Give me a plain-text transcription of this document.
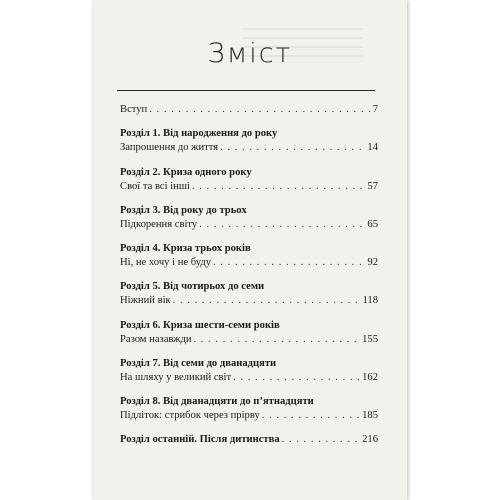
Зміст
Вступ . . .	7
Розділ 1. Від народження до року
Запрошення до життя . . .	14
Розділ 2. Криза одного року
Свої та всі інші . . .	57
Розділ 3. Від року до трьох
Підкорення світу . . .	65
Розділ 4. Криза трьох років
Ні, не хочу і не буду . . .	92
Розділ 5. Від чотирьох до семи
Ніжний вік . . .	118
Розділ 6. Криза шести-семи років
Разом назавжди . . .	155
Розділ 7. Від семи до дванадцяти
На шляху у великий світ . . .	162
Розділ 8. Від дванадцяти до п’ятнадцяти
Підліток: стрибок через прірву . . .	185
Розділ останній. Після дитинства . . .	216
